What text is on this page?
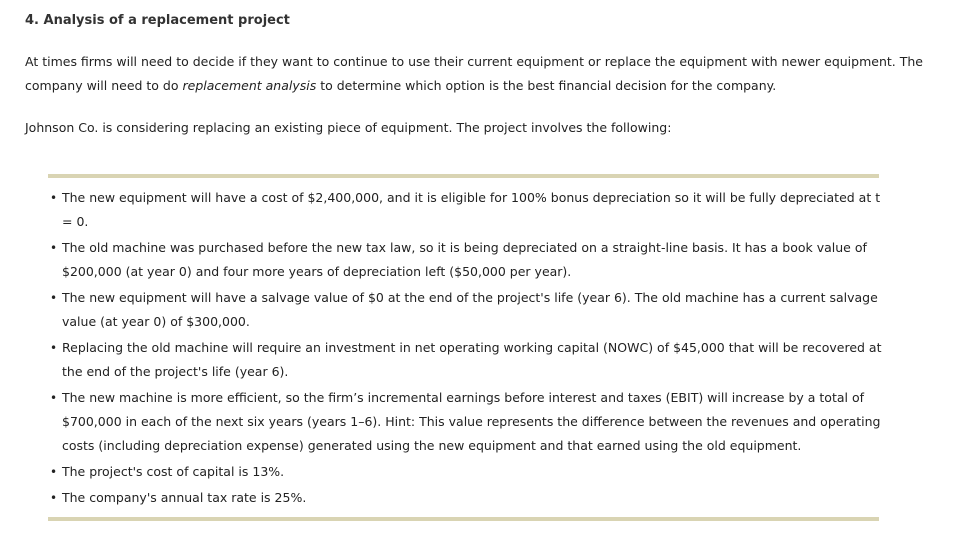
4. Analysis of a replacement project
At times firms will need to decide if they want to continue to use their current equipment or replace the equipment with newer equipment. The company will need to do replacement analysis to determine which option is the best financial decision for the company.
Johnson Co. is considering replacing an existing piece of equipment. The project involves the following:
• The new equipment will have a cost of $2,400,000, and it is eligible for 100% bonus depreciation so it will be fully depreciated at t = 0.
• The old machine was purchased before the new tax law, so it is being depreciated on a straight-line basis. It has a book value of $200,000 (at year 0) and four more years of depreciation left ($50,000 per year).
• The new equipment will have a salvage value of $0 at the end of the project's life (year 6). The old machine has a current salvage value (at year 0) of $300,000.
• Replacing the old machine will require an investment in net operating working capital (NOWC) of $45,000 that will be recovered at the end of the project's life (year 6).
• The new machine is more efficient, so the firm’s incremental earnings before interest and taxes (EBIT) will increase by a total of $700,000 in each of the next six years (years 1–6). Hint: This value represents the difference between the revenues and operating costs (including depreciation expense) generated using the new equipment and that earned using the old equipment.
• The project's cost of capital is 13%.
• The company's annual tax rate is 25%.
